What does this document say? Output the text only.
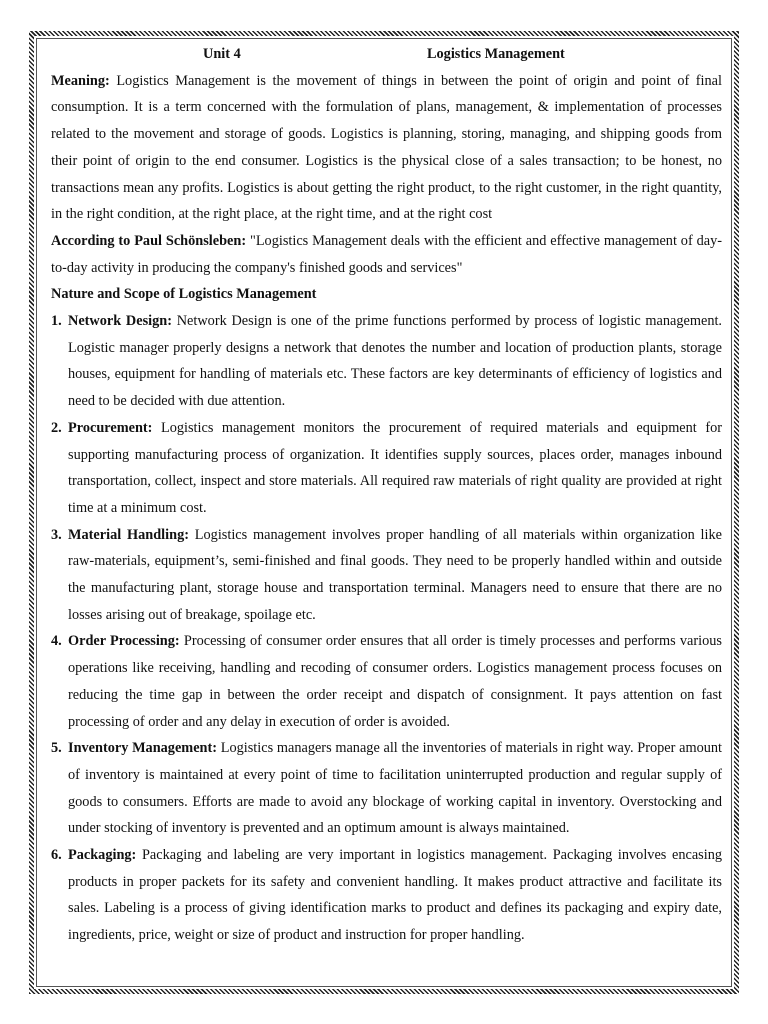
Unit 4	Logistics Management

Meaning: Logistics Management is the movement of things in between the point of origin and point of final consumption. It is a term concerned with the formulation of plans, management, & implementation of processes related to the movement and storage of goods. Logistics is planning, storing, managing, and shipping goods from their point of origin to the end consumer. Logistics is the physical close of a sales transaction; to be honest, no transactions mean any profits. Logistics is about getting the right product, to the right customer, in the right quantity, in the right condition, at the right place, at the right time, and at the right cost

According to Paul Schönsleben: "Logistics Management deals with the efficient and effective management of day-to-day activity in producing the company's finished goods and services"

Nature and Scope of Logistics Management

1. Network Design: Network Design is one of the prime functions performed by process of logistic management. Logistic manager properly designs a network that denotes the number and location of production plants, storage houses, equipment for handling of materials etc. These factors are key determinants of efficiency of logistics and need to be decided with due attention.
2. Procurement: Logistics management monitors the procurement of required materials and equipment for supporting manufacturing process of organization. It identifies supply sources, places order, manages inbound transportation, collect, inspect and store materials. All required raw materials of right quality are provided at right time at a minimum cost.
3. Material Handling: Logistics management involves proper handling of all materials within organization like raw-materials, equipment’s, semi-finished and final goods. They need to be properly handled within and outside the manufacturing plant, storage house and transportation terminal. Managers need to ensure that there are no losses arising out of breakage, spoilage etc.
4. Order Processing: Processing of consumer order ensures that all order is timely processes and performs various operations like receiving, handling and recoding of consumer orders. Logistics management process focuses on reducing the time gap in between the order receipt and dispatch of consignment. It pays attention on fast processing of order and any delay in execution of order is avoided.
5. Inventory Management: Logistics managers manage all the inventories of materials in right way. Proper amount of inventory is maintained at every point of time to facilitation uninterrupted production and regular supply of goods to consumers. Efforts are made to avoid any blockage of working capital in inventory. Overstocking and under stocking of inventory is prevented and an optimum amount is always maintained.
6. Packaging: Packaging and labeling are very important in logistics management. Packaging involves encasing products in proper packets for its safety and convenient handling. It makes product attractive and facilitate its sales. Labeling is a process of giving identification marks to product and defines its packaging and expiry date, ingredients, price, weight or size of product and instruction for proper handling.
